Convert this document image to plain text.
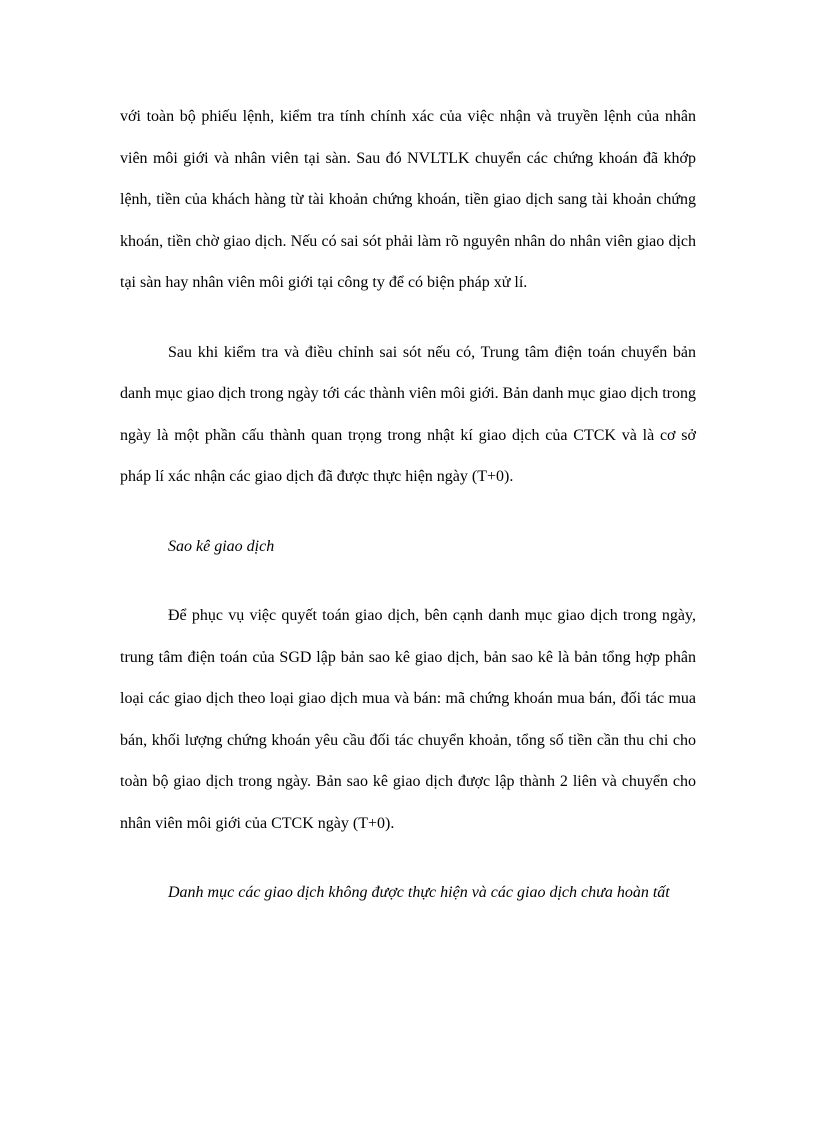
với toàn bộ phiếu lệnh, kiểm tra tính chính xác của việc nhận và truyền lệnh của nhân viên môi giới và nhân viên tại sàn. Sau đó NVLTLK chuyển các chứng khoán đã khớp lệnh, tiền của khách hàng từ tài khoản chứng khoán, tiền giao dịch sang tài khoản chứng khoán, tiền chờ giao dịch. Nếu có sai sót phải làm rõ nguyên nhân do nhân viên giao dịch tại sàn hay nhân viên môi giới tại công ty để có biện pháp xử lí.

Sau khi kiểm tra và điều chỉnh sai sót nếu có, Trung tâm điện toán chuyển bản danh mục giao dịch trong ngày tới các thành viên môi giới. Bản danh mục giao dịch trong ngày là một phần cấu thành quan trọng trong nhật kí giao dịch của CTCK và là cơ sở pháp lí xác nhận các giao dịch đã được thực hiện ngày (T+0).

Sao kê giao dịch

Để phục vụ việc quyết toán giao dịch, bên cạnh danh mục giao dịch trong ngày, trung tâm điện toán của SGD lập bản sao kê giao dịch, bản sao kê là bản tổng hợp phân loại các giao dịch theo loại giao dịch mua và bán: mã chứng khoán mua bán, đối tác mua bán, khối lượng chứng khoán yêu cầu đối tác chuyển khoản, tổng số tiền cần thu chi cho toàn bộ giao dịch trong ngày. Bản sao kê giao dịch được lập thành 2 liên và chuyển cho nhân viên môi giới của CTCK ngày (T+0).

Danh mục các giao dịch không được thực hiện và các giao dịch chưa hoàn tất
